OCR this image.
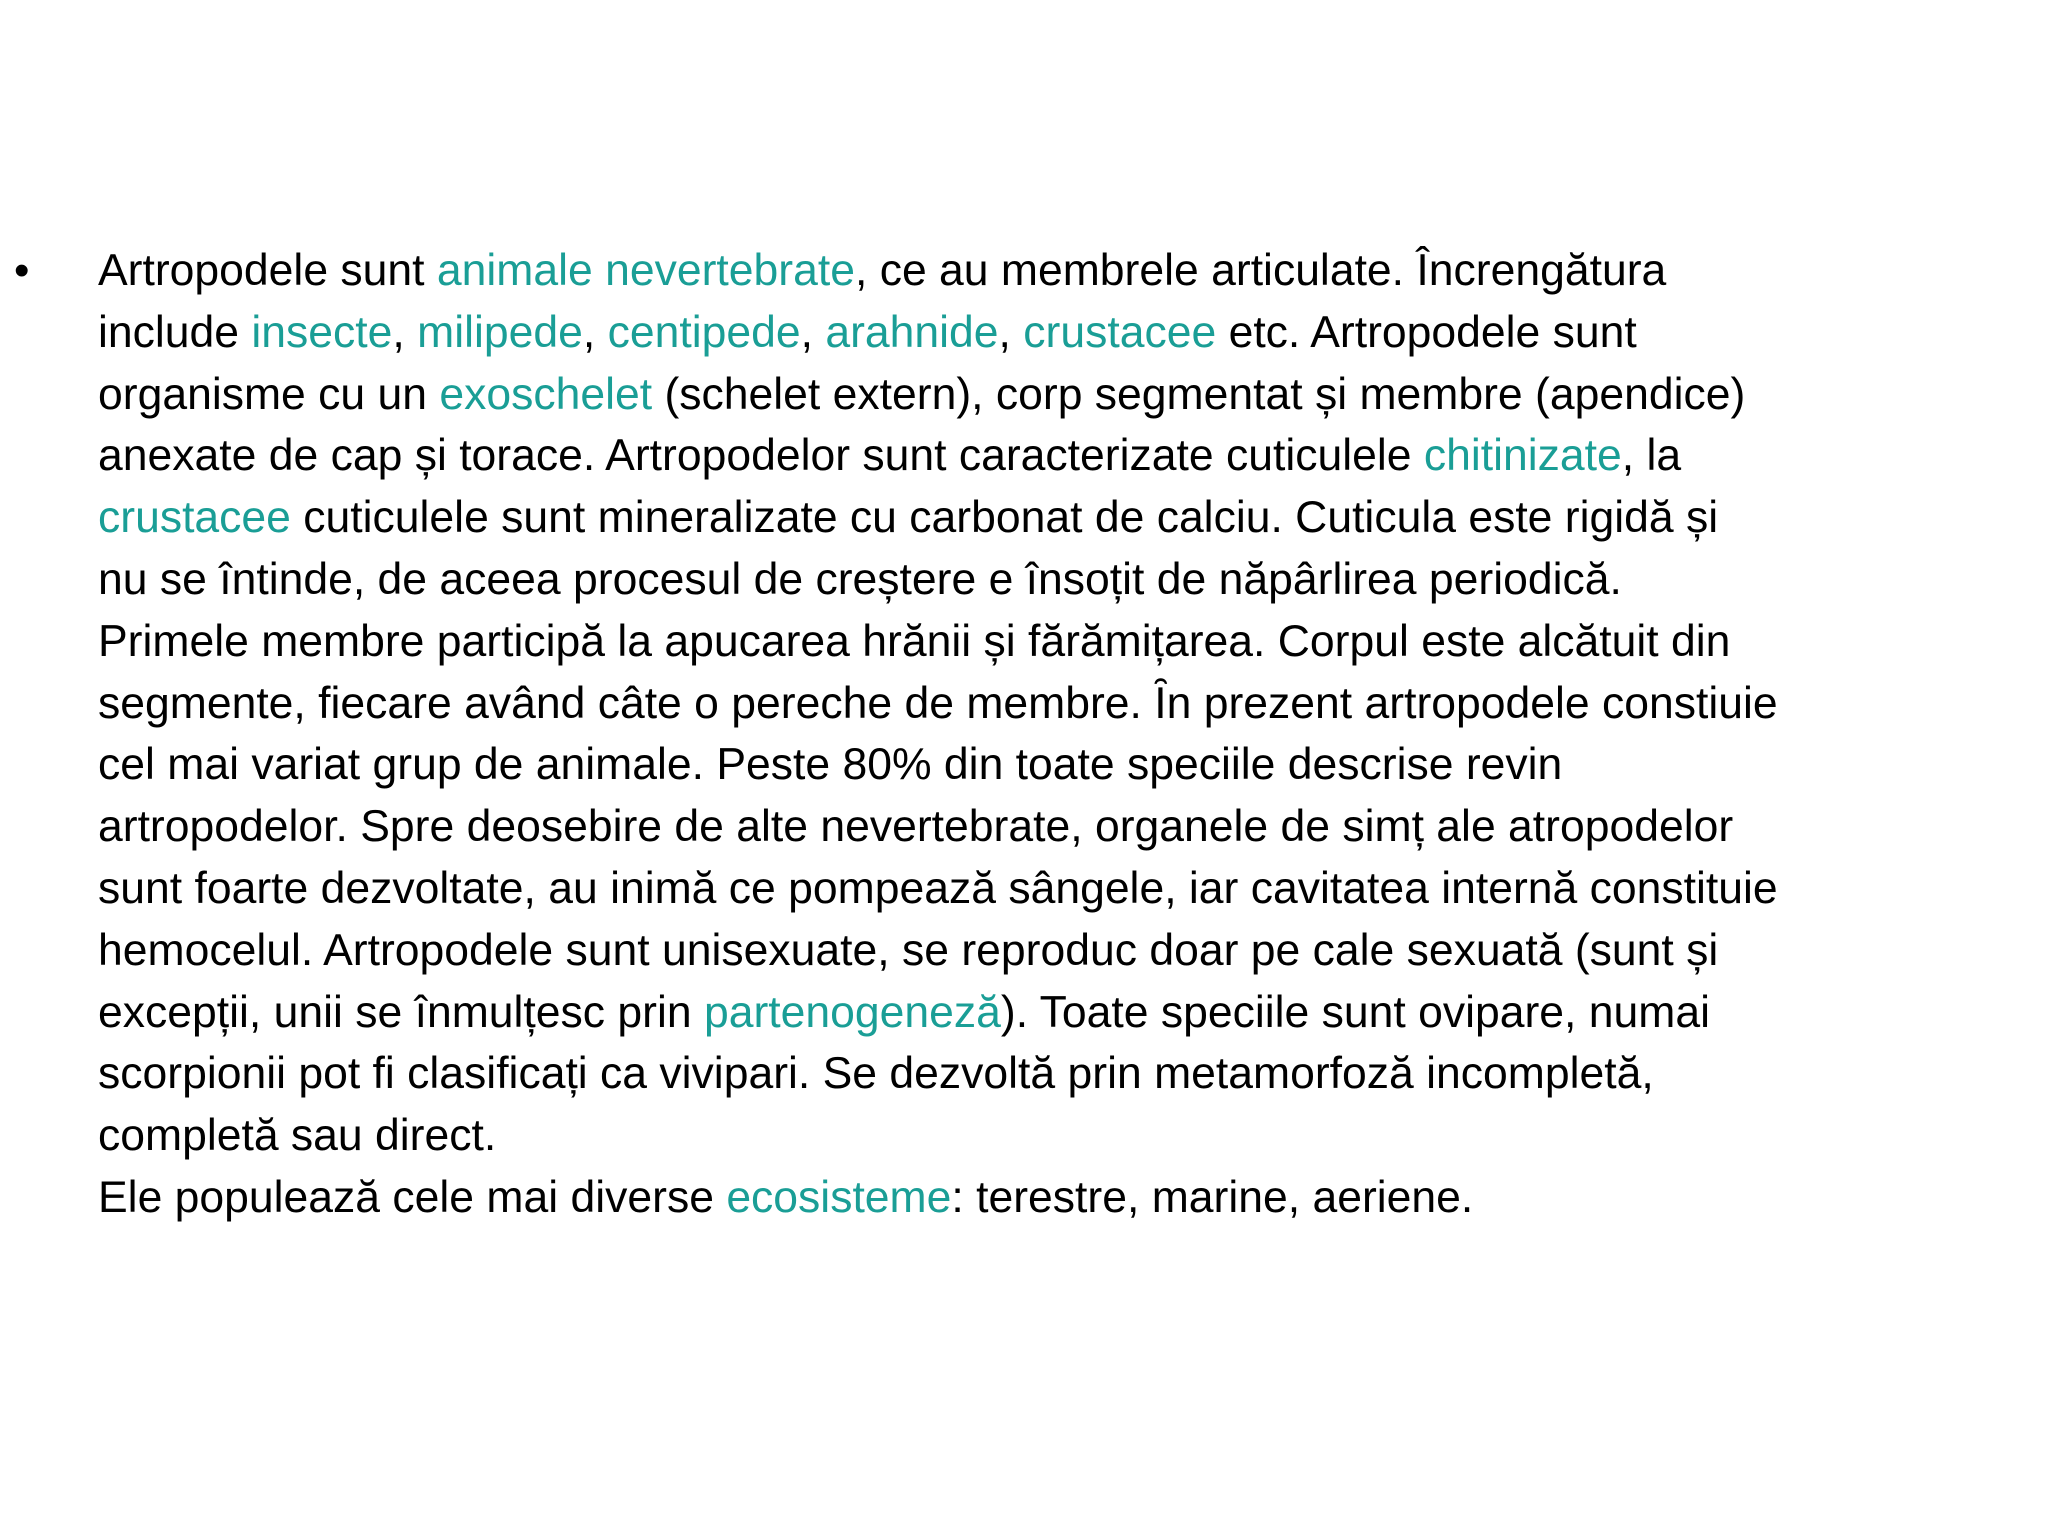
• Artropodele sunt animale nevertebrate, ce au membrele articulate. Încrengătura
include insecte, milipede, centipede, arahnide, crustacee etc. Artropodele sunt
organisme cu un exoschelet (schelet extern), corp segmentat și membre (apendice)
anexate de cap și torace. Artropodelor sunt caracterizate cuticulele chitinizate, la
crustacee cuticulele sunt mineralizate cu carbonat de calciu. Cuticula este rigidă și
nu se întinde, de aceea procesul de creștere e însoțit de năpârlirea periodică.
Primele membre participă la apucarea hrănii și fărămițarea. Corpul este alcătuit din
segmente, fiecare având câte o pereche de membre. Ȋn prezent artropodele constiuie
cel mai variat grup de animale. Peste 80% din toate speciile descrise revin
artropodelor. Spre deosebire de alte nevertebrate, organele de simț ale atropodelor
sunt foarte dezvoltate, au inimă ce pompează sângele, iar cavitatea internă constituie
hemocelul. Artropodele sunt unisexuate, se reproduc doar pe cale sexuată (sunt și
excepții, unii se înmulțesc prin partenogeneză). Toate speciile sunt ovipare, numai
scorpionii pot fi clasificați ca vivipari. Se dezvoltă prin metamorfoză incompletă,
completă sau direct.
Ele populează cele mai diverse ecosisteme: terestre, marine, aeriene.
